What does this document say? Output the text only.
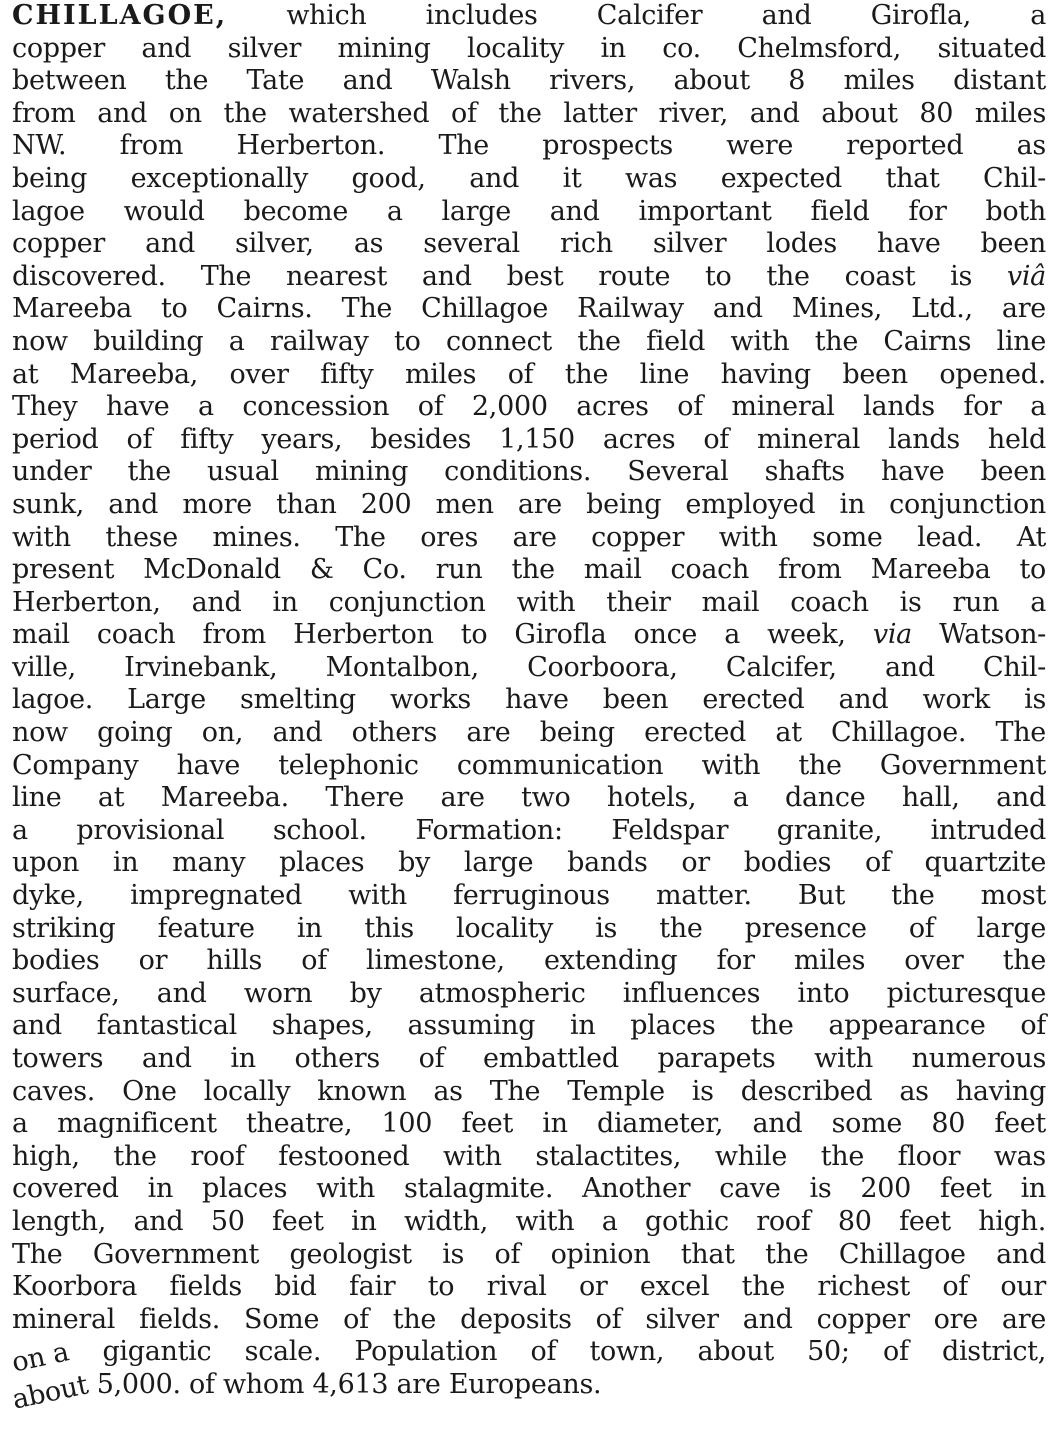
CHILLAGOE, which includes Calcifer and Girofla, a
copper and silver mining locality in co. Chelmsford, situated
between the Tate and Walsh rivers, about 8 miles distant
from and on the watershed of the latter river, and about 80 miles
NW. from Herberton. The prospects were reported as
being exceptionally good, and it was expected that Chil-
lagoe would become a large and important field for both
copper and silver, as several rich silver lodes have been
discovered. The nearest and best route to the coast is viâ
Mareeba to Cairns. The Chillagoe Railway and Mines, Ltd., are
now building a railway to connect the field with the Cairns line
at Mareeba, over fifty miles of the line having been opened.
They have a concession of 2,000 acres of mineral lands for a
period of fifty years, besides 1,150 acres of mineral lands held
under the usual mining conditions. Several shafts have been
sunk, and more than 200 men are being employed in conjunction
with these mines. The ores are copper with some lead. At
present McDonald & Co. run the mail coach from Mareeba to
Herberton, and in conjunction with their mail coach is run a
mail coach from Herberton to Girofla once a week, via Watson-
ville, Irvinebank, Montalbon, Coorboora, Calcifer, and Chil-
lagoe. Large smelting works have been erected and work is
now going on, and others are being erected at Chillagoe. The
Company have telephonic communication with the Government
line at Mareeba. There are two hotels, a dance hall, and
a provisional school. Formation: Feldspar granite, intruded
upon in many places by large bands or bodies of quartzite
dyke, impregnated with ferruginous matter. But the most
striking feature in this locality is the presence of large
bodies or hills of limestone, extending for miles over the
surface, and worn by atmospheric influences into picturesque
and fantastical shapes, assuming in places the appearance of
towers and in others of embattled parapets with numerous
caves. One locally known as The Temple is described as having
a magnificent theatre, 100 feet in diameter, and some 80 feet
high, the roof festooned with stalactites, while the floor was
covered in places with stalagmite. Another cave is 200 feet in
length, and 50 feet in width, with a gothic roof 80 feet high.
The Government geologist is of opinion that the Chillagoe and
Koorbora fields bid fair to rival or excel the richest of our
mineral fields. Some of the deposits of silver and copper ore are
on a gigantic scale. Population of town, about 50; of district,
about 5,000. of whom 4,613 are Europeans.
